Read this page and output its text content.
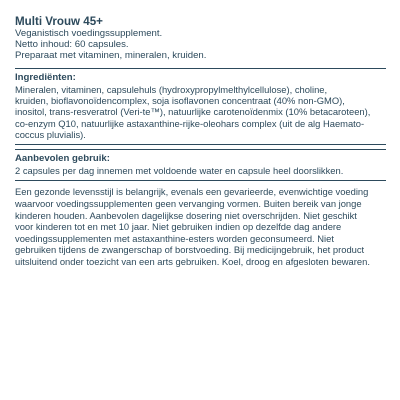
Multi Vrouw 45+
Veganistisch voedingssupplement.
Netto inhoud: 60 capsules.
Preparaat met vitaminen, mineralen, kruiden.
Ingrediënten:
Mineralen, vitaminen, capsulehuls (hydroxypropylmelthylcellulose), choline,
kruiden, bioflavonoïdencomplex, soja isoflavonen concentraat (40% non-GMO),
inositol, trans-resveratrol (Veri-te™), natuurlijke carotenoïdenmix (10% betacaroteen),
co-enzym Q10, natuurlijke astaxanthine-rijke-oleohars complex (uit de alg Haemato-
coccus pluvialis).
Aanbevolen gebruik:
2 capsules per dag innemen met voldoende water en capsule heel doorslikken.
Een gezonde levensstijl is belangrijk, evenals een gevarieerde, evenwichtige voeding
waarvoor voedingssupplementen geen vervanging vormen. Buiten bereik van jonge
kinderen houden. Aanbevolen dagelijkse dosering niet overschrijden. Niet geschikt
voor kinderen tot en met 10 jaar. Niet gebruiken indien op dezelfde dag andere
voedingssupplementen met astaxanthine-esters worden geconsumeerd. Niet
gebruiken tijdens de zwangerschap of borstvoeding. Bij medicijngebruik, het product
uitsluitend onder toezicht van een arts gebruiken. Koel, droog en afgesloten bewaren.
